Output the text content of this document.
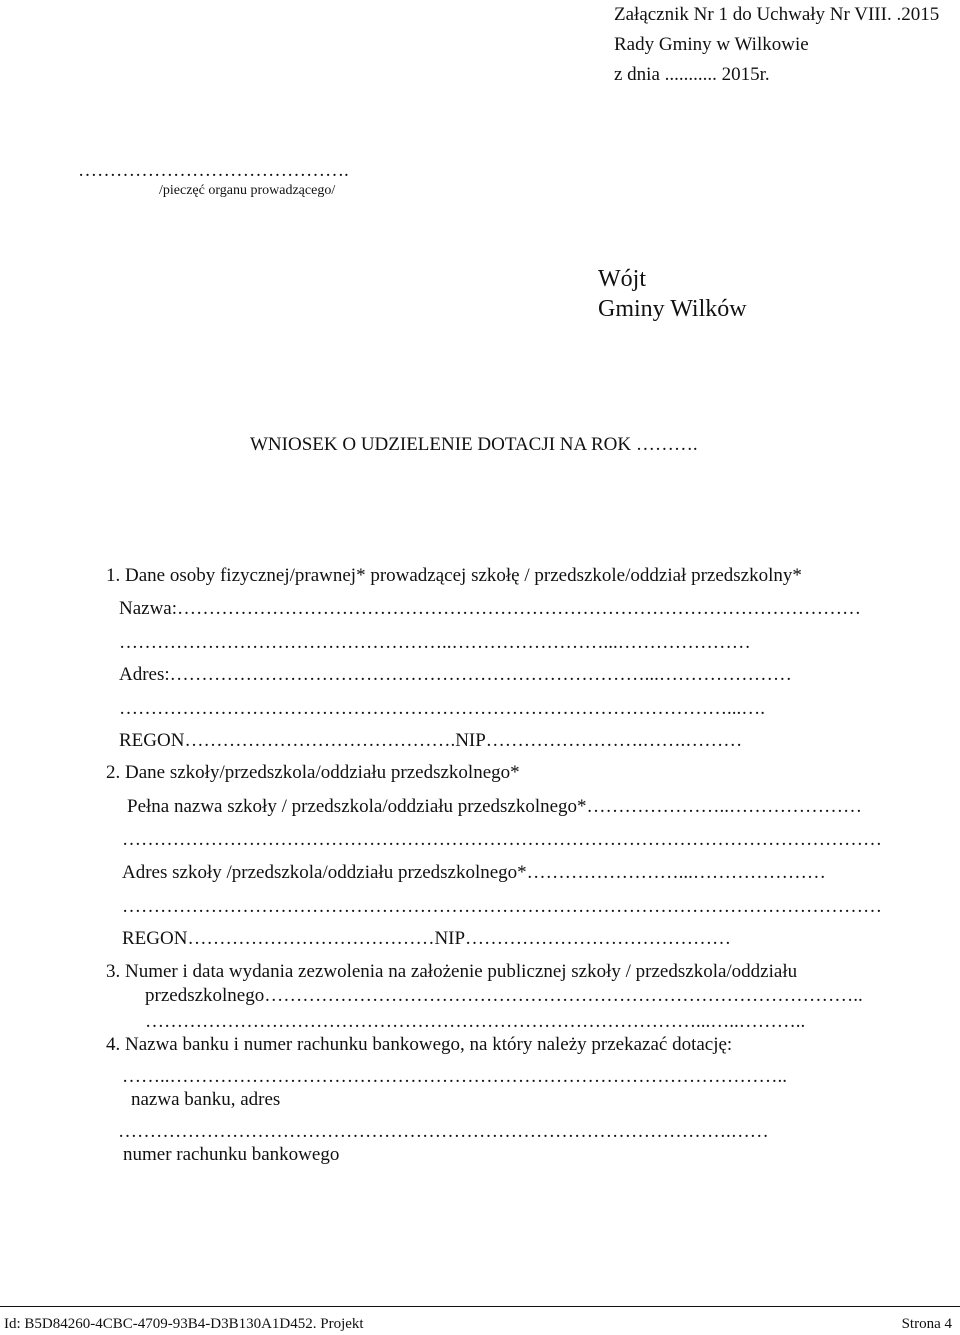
Załącznik Nr 1 do Uchwały Nr VIII. .2015
Rady Gminy w Wilkowie
z dnia ........... 2015r.
…………………………………….
/pieczęć organu prowadzącego/
Wójt
Gminy Wilków
WNIOSEK O UDZIELENIE DOTACJI NA ROK ……….
1. Dane osoby fizycznej/prawnej* prowadzącej szkołę / przedszkole/oddział przedszkolny*
Nazwa:………………………………………………………………………………………………
……………………………………………..……………………...…………………
Adres:…………………………………………………………………...…………………
……………………………………………………………………………………...….
REGON…………………………………….NIP…………………….…….………
2. Dane szkoły/przedszkola/oddziału przedszkolnego*
Pełna nazwa szkoły / przedszkola/oddziału przedszkolnego*…………………..…………………
…………………………………………………………………………………………………………
Adres szkoły /przedszkola/oddziału przedszkolnego*……………………...…………………
…………………………………………………………………………………………………………
REGON…………………………………NIP……………………………………
3. Numer i data wydania zezwolenia na założenie publicznej szkoły / przedszkola/oddziału
przedszkolnego…………………………………………………………………………………..
……………………………………………………………………………...…..………..
4. Nazwa banku i numer rachunku bankowego, na który należy przekazać dotację:
……..……………………………………………………………………………………..
nazwa banku, adres
…………………………………………………………………………………….……
numer rachunku bankowego
Id: B5D84260-4CBC-4709-93B4-D3B130A1D452. Projekt	Strona 4
